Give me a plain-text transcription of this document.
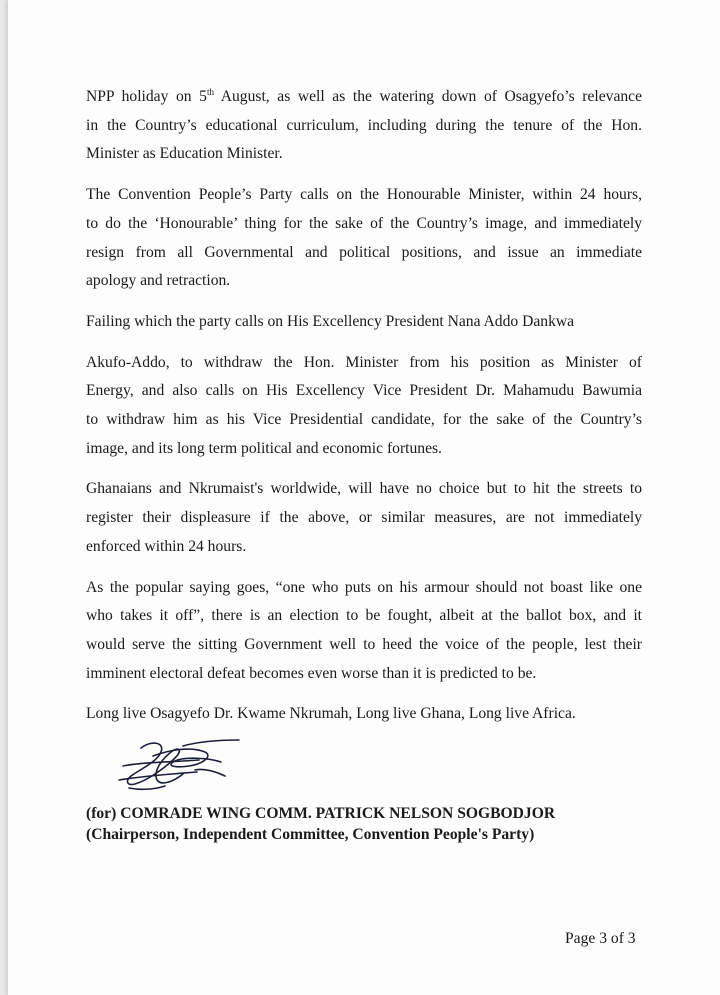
NPP holiday on 5th August, as well as the watering down of Osagyefo’s relevance
in the Country’s educational curriculum, including during the tenure of the Hon.
Minister as Education Minister.

The Convention People’s Party calls on the Honourable Minister, within 24 hours,
to do the ‘Honourable’ thing for the sake of the Country’s image, and immediately
resign from all Governmental and political positions, and issue an immediate
apology and retraction.

Failing which the party calls on His Excellency President Nana Addo Dankwa

Akufo-Addo, to withdraw the Hon. Minister from his position as Minister of
Energy, and also calls on His Excellency Vice President Dr. Mahamudu Bawumia
to withdraw him as his Vice Presidential candidate, for the sake of the Country’s
image, and its long term political and economic fortunes.

Ghanaians and Nkrumaist's worldwide, will have no choice but to hit the streets to
register their displeasure if the above, or similar measures, are not immediately
enforced within 24 hours.

As the popular saying goes, “one who puts on his armour should not boast like one
who takes it off”, there is an election to be fought, albeit at the ballot box, and it
would serve the sitting Government well to heed the voice of the people, lest their
imminent electoral defeat becomes even worse than it is predicted to be.

Long live Osagyefo Dr. Kwame Nkrumah, Long live Ghana, Long live Africa.

(for) COMRADE WING COMM. PATRICK NELSON SOGBODJOR
(Chairperson, Independent Committee, Convention People's Party)
Page 3 of 3
